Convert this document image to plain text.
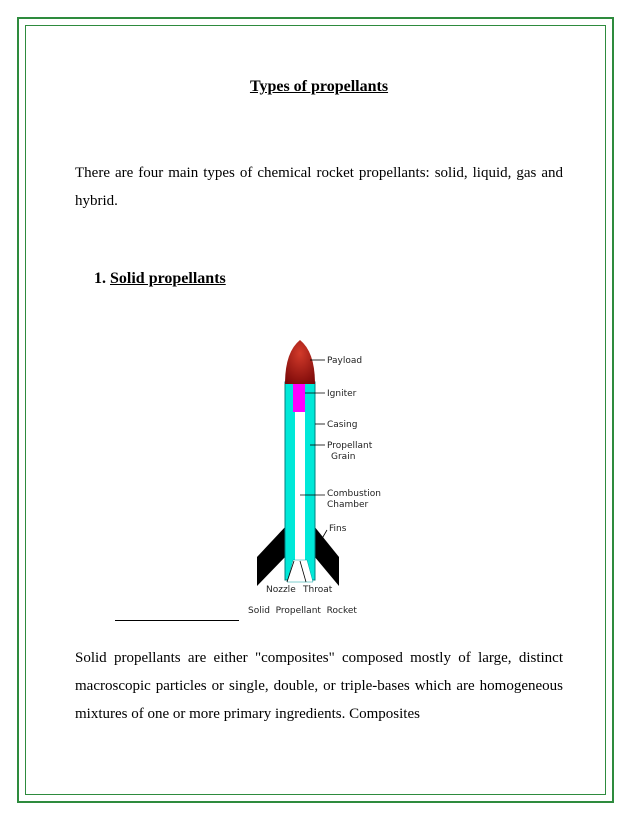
Types of propellants
There are four main types of chemical rocket propellants: solid, liquid, gas and hybrid.
1. Solid propellants
Payload
Igniter
Casing
Propellant
Grain
Combustion
Chamber
Fins
Nozzle Throat
Solid  Propellant  Rocket
Solid propellants are either "composites" composed mostly of large, distinct macroscopic particles or single, double, or triple-bases which are homogeneous mixtures of one or more primary ingredients. Composites
